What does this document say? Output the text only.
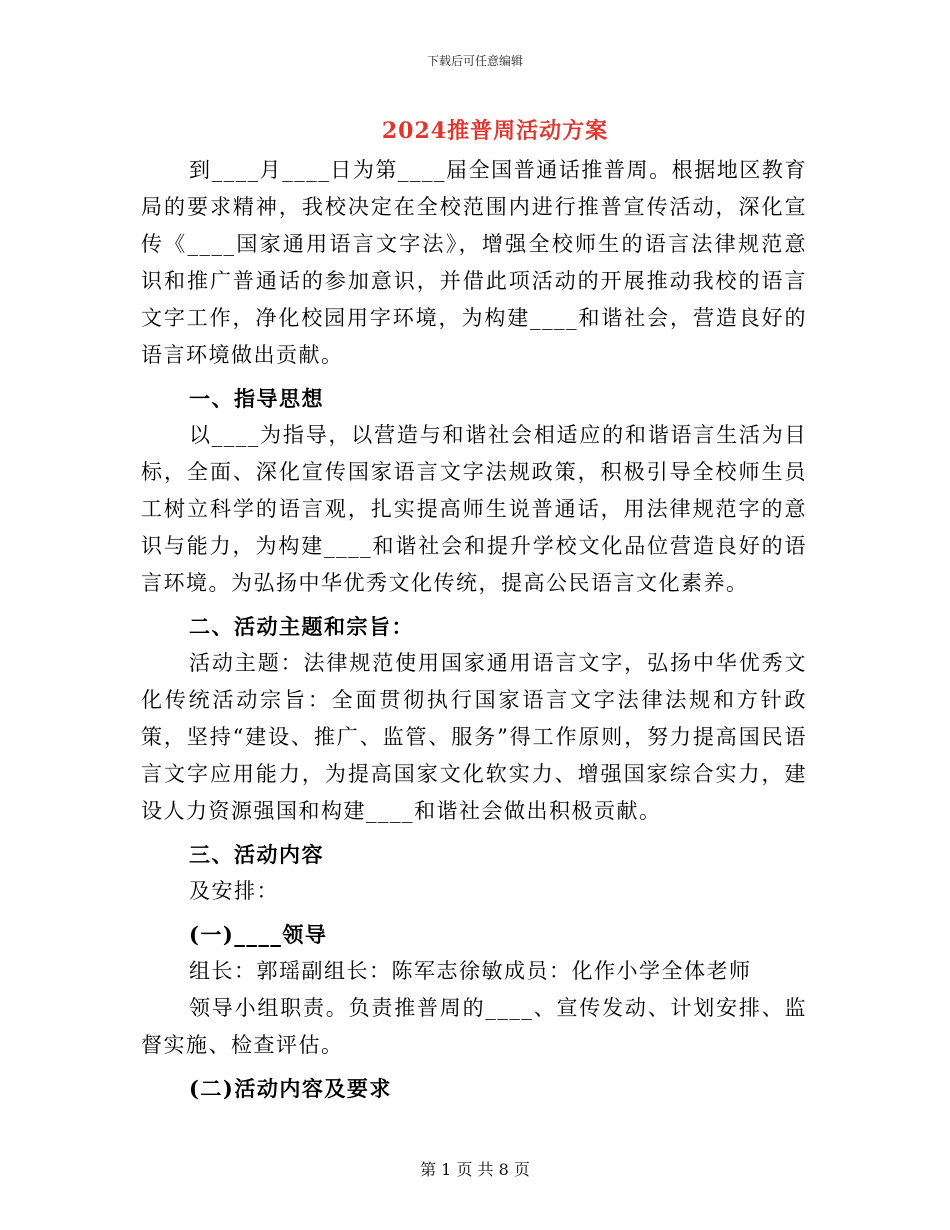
下载后可任意编辑
2024推普周活动方案

到____月____日为第____届全国普通话推普周。根据地区教育局的要求精神，我校决定在全校范围内进行推普宣传活动，深化宣传《____国家通用语言文字法》，增强全校师生的语言法律规范意识和推广普通话的参加意识，并借此项活动的开展推动我校的语言文字工作，净化校园用字环境，为构建____和谐社会，营造良好的语言环境做出贡献。

一、指导思想

以____为指导，以营造与和谐社会相适应的和谐语言生活为目标，全面、深化宣传国家语言文字法规政策，积极引导全校师生员工树立科学的语言观，扎实提高师生说普通话，用法律规范字的意识与能力，为构建____和谐社会和提升学校文化品位营造良好的语言环境。为弘扬中华优秀文化传统，提高公民语言文化素养。

二、活动主题和宗旨：

活动主题：法律规范使用国家通用语言文字，弘扬中华优秀文化传统活动宗旨：全面贯彻执行国家语言文字法律法规和方针政策，坚持“建设、推广、监管、服务”得工作原则，努力提高国民语言文字应用能力，为提高国家文化软实力、增强国家综合实力，建设人力资源强国和构建____和谐社会做出积极贡献。

三、活动内容

及安排：

(一)____领导

组长：郭瑶副组长：陈军志徐敏成员：化作小学全体老师

领导小组职责。负责推普周的____、宣传发动、计划安排、监督实施、检查评估。

(二)活动内容及要求

第 1 页 共 8 页
